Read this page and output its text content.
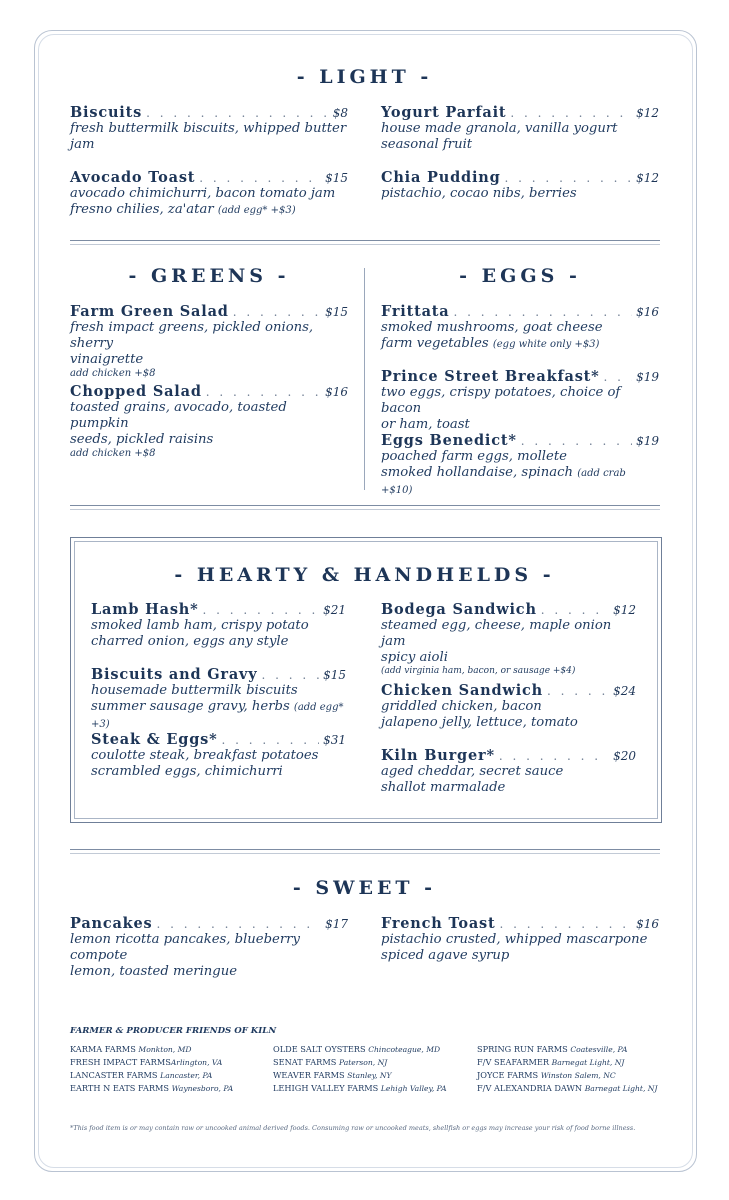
- LIGHT -
Biscuits . . .	$8
fresh buttermilk biscuits, whipped butter
jam
Yogurt Parfait . . .	$12
house made granola, vanilla yogurt
seasonal fruit
Avocado Toast . . .	$15
avocado chimichurri, bacon tomato jam
fresno chilies, za'atar (add egg* +$3)
Chia Pudding . . .	$12
pistachio, cocao nibs, berries
- GREENS -	- EGGS -
Farm Green Salad . . .	$15
fresh impact greens, pickled onions, sherry
vinaigrette
add chicken +$8
Chopped Salad . . .	$16
toasted grains, avocado, toasted pumpkin
seeds, pickled raisins
add chicken +$8
Frittata . . .	$16
smoked mushrooms, goat cheese
farm vegetables (egg white only +$3)
Prince Street Breakfast* . . .	$19
two eggs, crispy potatoes, choice of bacon
or ham, toast
Eggs Benedict* . . .	$19
poached farm eggs, mollete
smoked hollandaise, spinach (add crab +$10)
- HEARTY & HANDHELDS -
Lamb Hash* . . .	$21
smoked lamb ham, crispy potato
charred onion, eggs any style
Biscuits and Gravy . . .	$15
housemade buttermilk biscuits
summer sausage gravy, herbs (add egg* +3)
Steak & Eggs* . . .	$31
coulotte steak, breakfast potatoes
scrambled eggs, chimichurri
Bodega Sandwich . . .	$12
steamed egg, cheese, maple onion jam
spicy aioli
(add virginia ham, bacon, or sausage +$4)
Chicken Sandwich . . .	$24
griddled chicken, bacon
jalapeno jelly, lettuce, tomato
Kiln Burger* . . .	$20
aged cheddar, secret sauce
shallot marmalade
- SWEET -
Pancakes . . .	$17
lemon ricotta pancakes, blueberry compote
lemon, toasted meringue
French Toast . . .	$16
pistachio crusted, whipped mascarpone
spiced agave syrup
FARMER & PRODUCER FRIENDS OF KILN
KARMA FARMS Monkton, MD
FRESH IMPACT FARMSArlington, VA
LANCASTER FARMS Lancaster, PA
EARTH N EATS FARMS Waynesboro, PA
OLDE SALT OYSTERS Chincoteague, MD
SENAT FARMS Paterson, NJ
WEAVER FARMS Stanley, NY
LEHIGH VALLEY FARMS Lehigh Valley, PA
SPRING RUN FARMS Coatesville, PA
F/V SEAFARMER Barnegat Light, NJ
JOYCE FARMS Winston Salem, NC
F/V ALEXANDRIA DAWN Barnegat Light, NJ
*This food item is or may contain raw or uncooked animal derived foods. Consuming raw or uncooked meats, shellfish or eggs may increase your risk of food borne illness.
